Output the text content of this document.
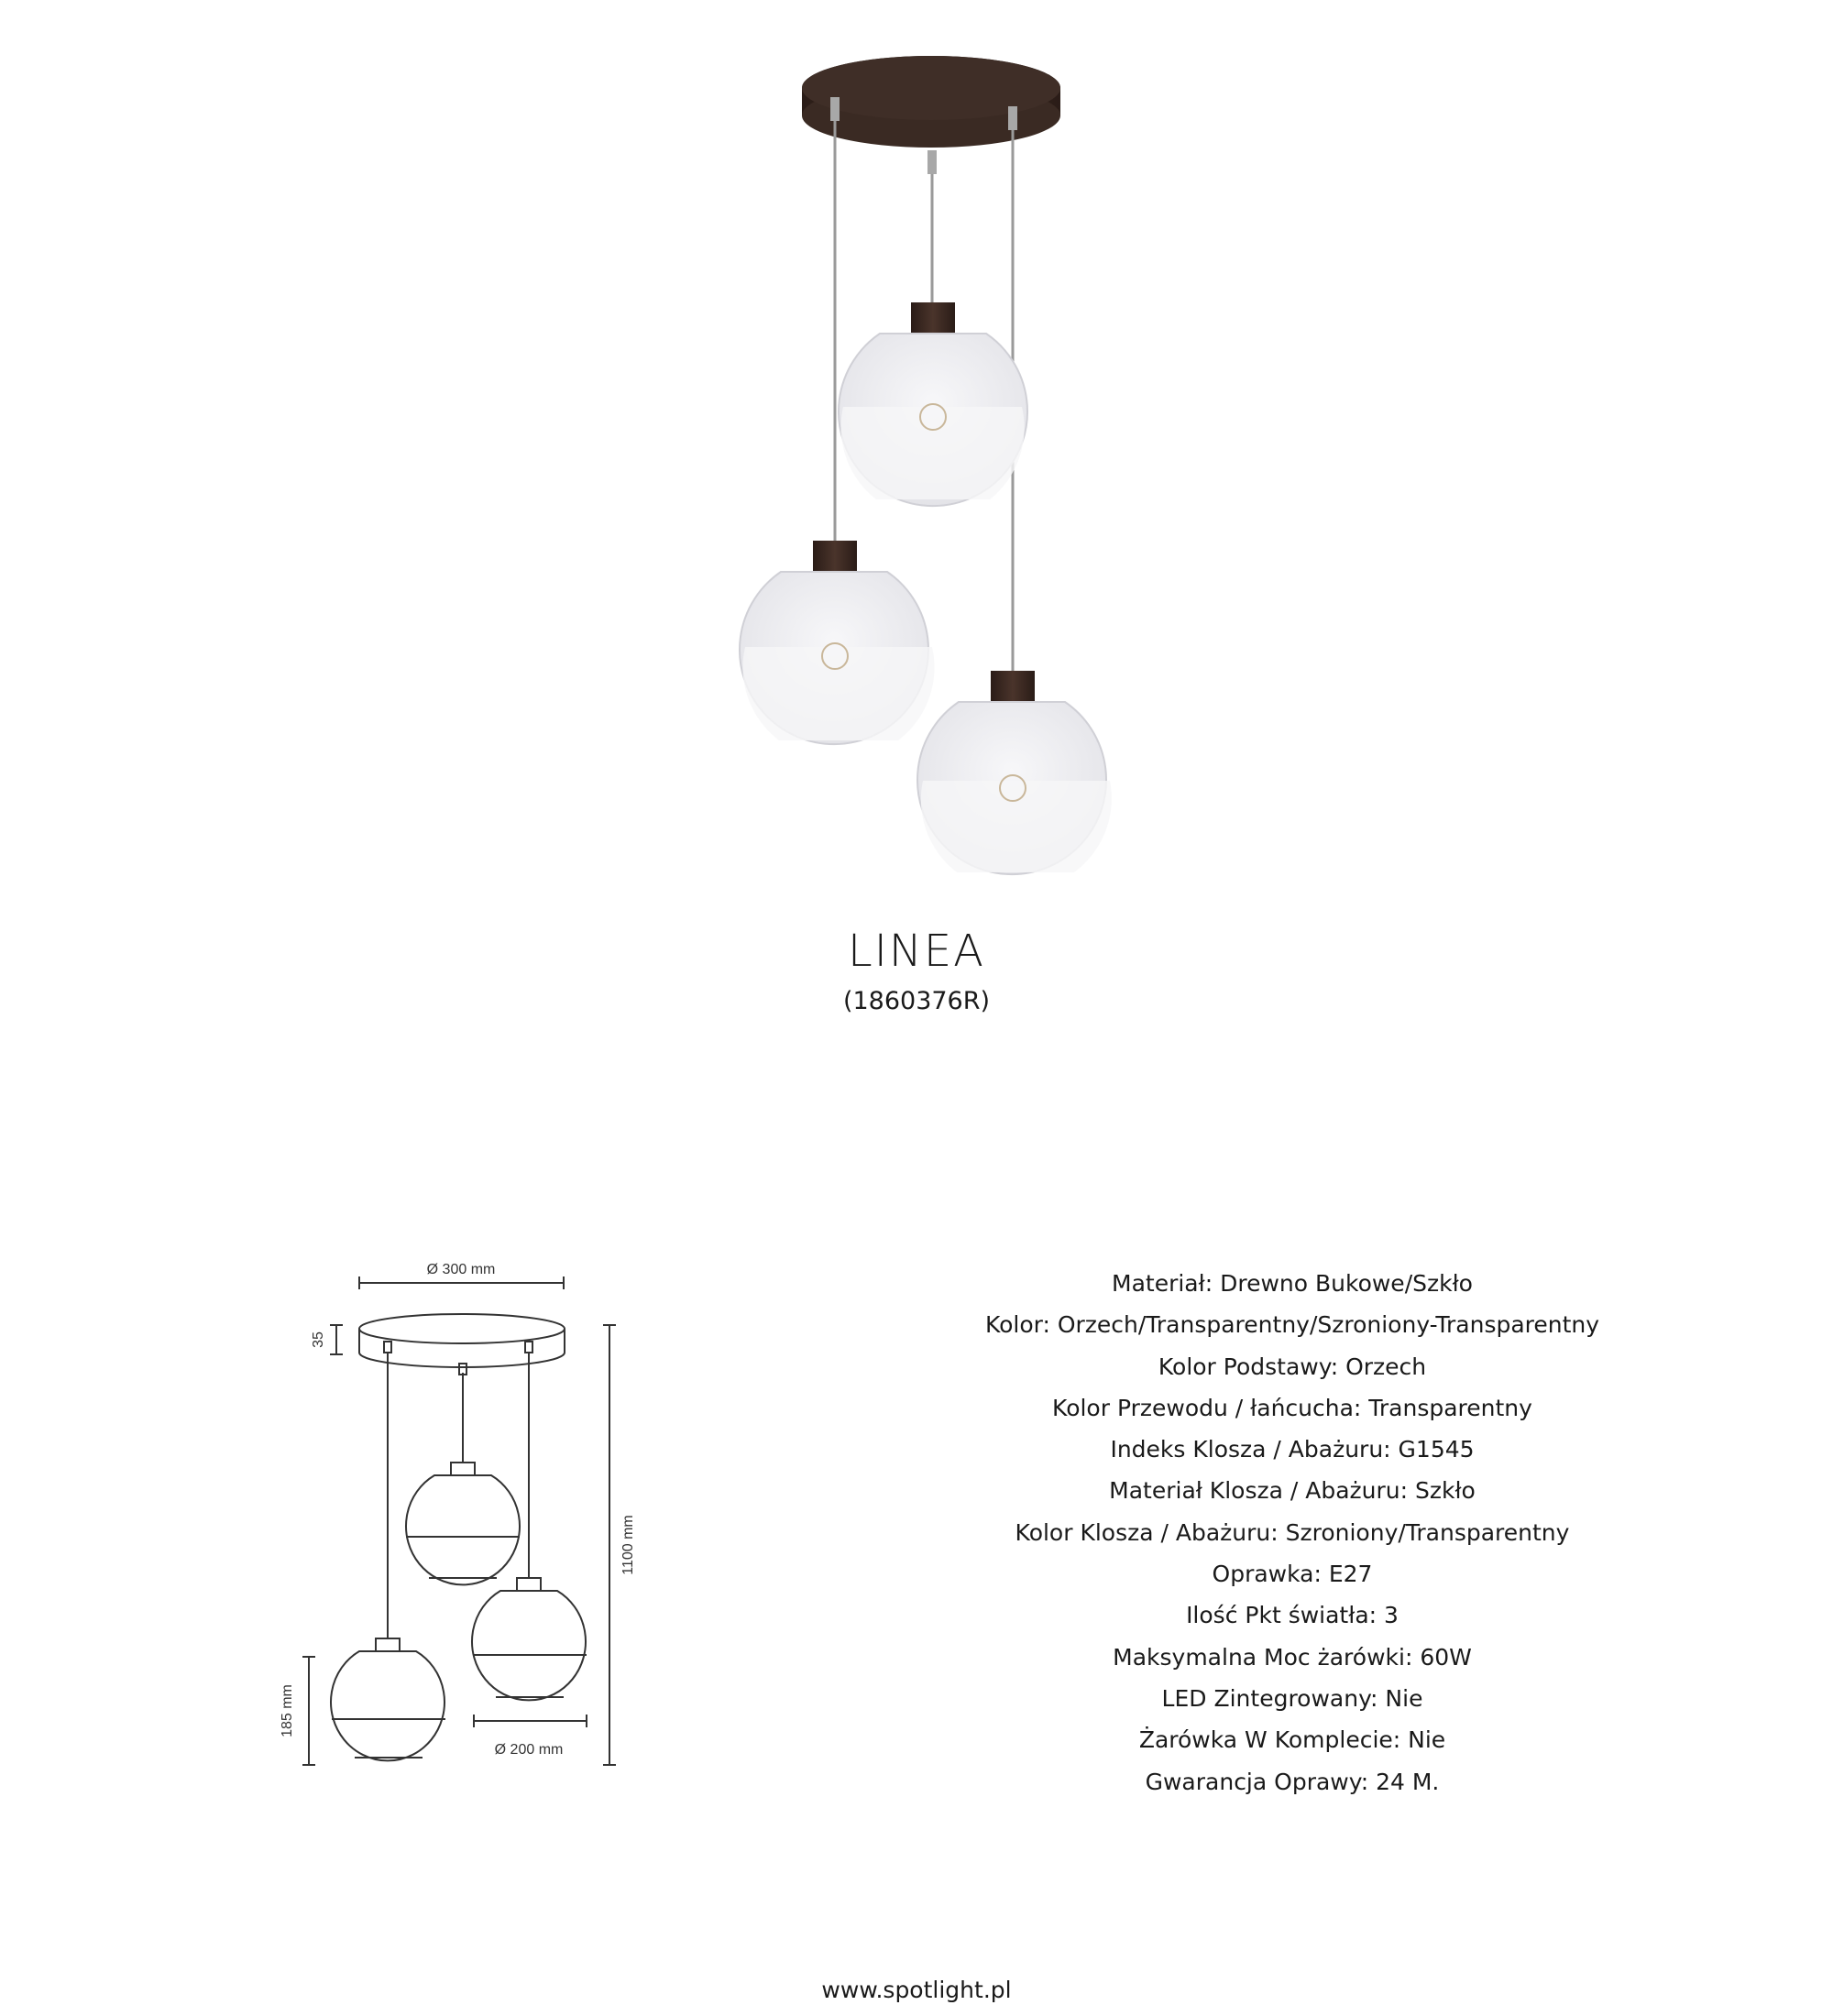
LINEA
(1860376R)
Ø 300 mm
35
1100 mm
185 mm
Ø 200 mm
Materiał: Drewno Bukowe/Szkło
Kolor: Orzech/Transparentny/Szroniony-Transparentny
Kolor Podstawy: Orzech
Kolor Przewodu / łańcucha: Transparentny
Indeks Klosza / Abażuru: G1545
Materiał Klosza / Abażuru: Szkło
Kolor Klosza / Abażuru: Szroniony/Transparentny
Oprawka: E27
Ilość Pkt światła: 3
Maksymalna Moc żarówki: 60W
LED Zintegrowany: Nie
Żarówka W Komplecie: Nie
Gwarancja Oprawy: 24 M.
www.spotlight.pl
